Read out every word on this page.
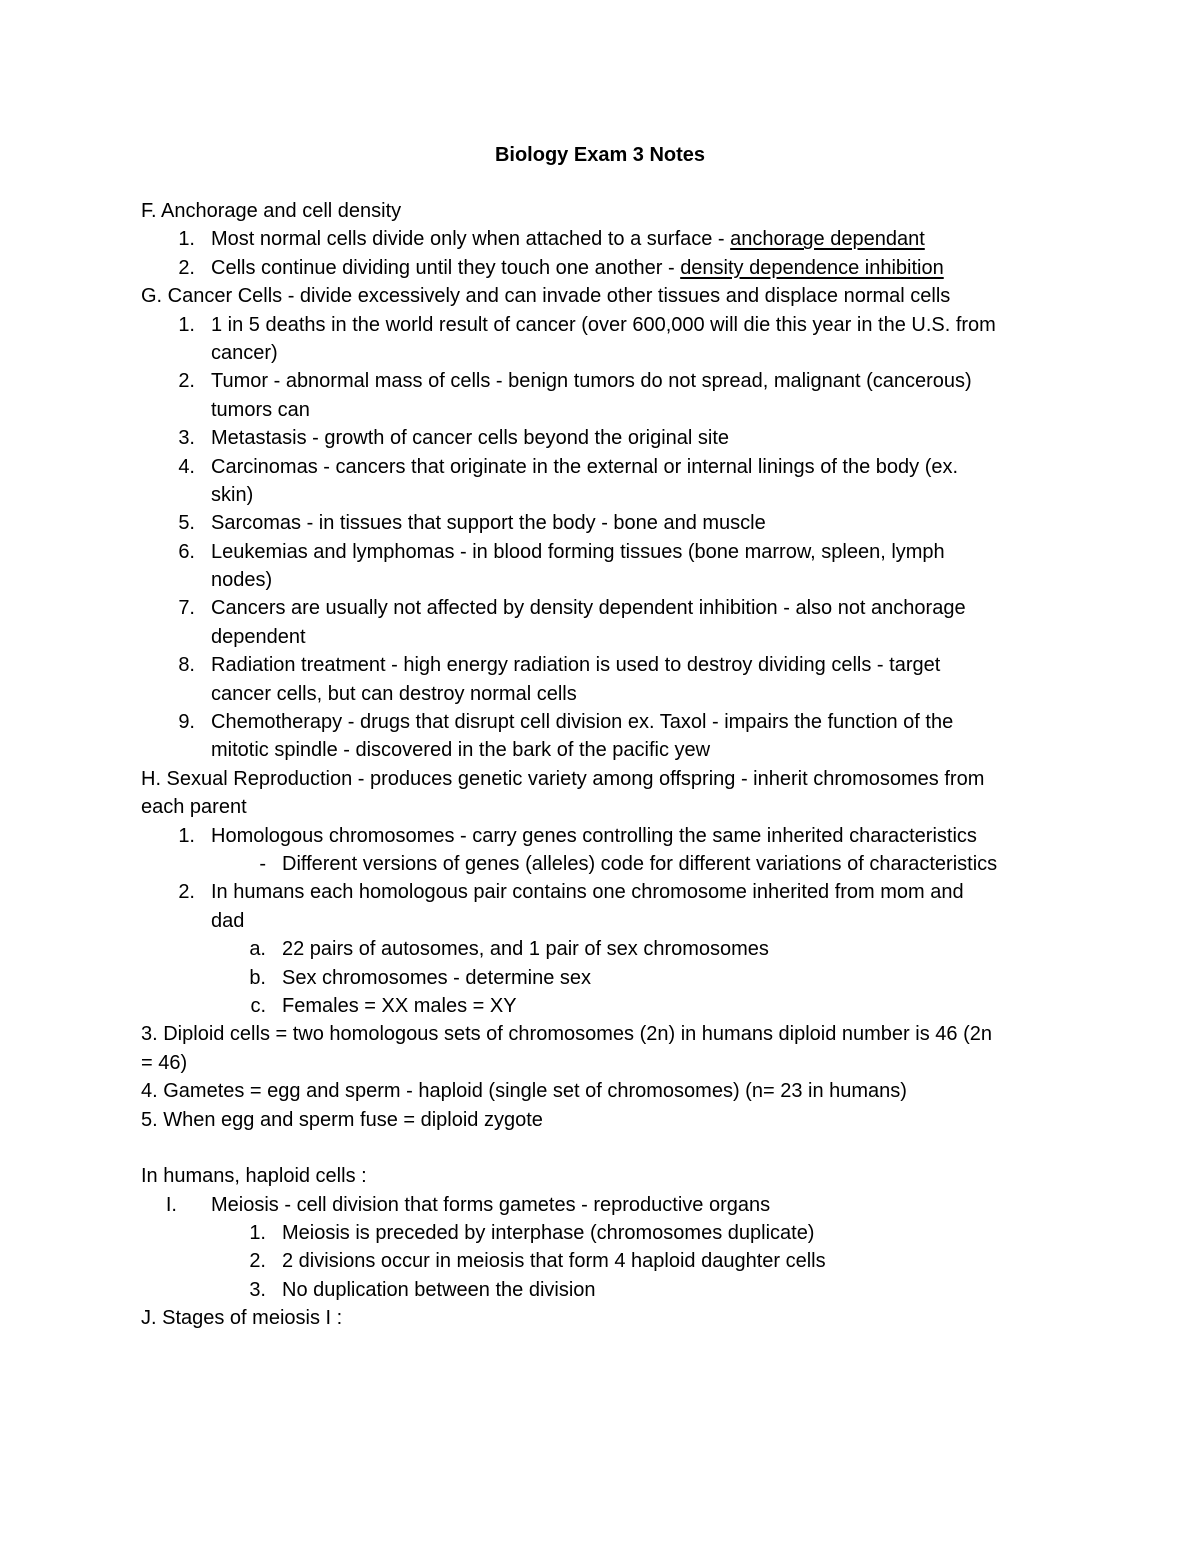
Biology Exam 3 Notes
F. Anchorage and cell density
1. Most normal cells divide only when attached to a surface - anchorage dependant
2. Cells continue dividing until they touch one another - density dependence inhibition
G. Cancer Cells - divide excessively and can invade other tissues and displace normal cells
1. 1 in 5 deaths in the world result of cancer (over 600,000 will die this year in the U.S. from
cancer)
2. Tumor - abnormal mass of cells - benign tumors do not spread, malignant (cancerous)
tumors can
3. Metastasis - growth of cancer cells beyond the original site
4. Carcinomas - cancers that originate in the external or internal linings of the body (ex.
skin)
5. Sarcomas - in tissues that support the body - bone and muscle
6. Leukemias and lymphomas - in blood forming tissues (bone marrow, spleen, lymph
nodes)
7. Cancers are usually not affected by density dependent inhibition - also not anchorage
dependent
8. Radiation treatment - high energy radiation is used to destroy dividing cells - target
cancer cells, but can destroy normal cells
9. Chemotherapy - drugs that disrupt cell division ex. Taxol - impairs the function of the
mitotic spindle - discovered in the bark of the pacific yew
H. Sexual Reproduction - produces genetic variety among offspring - inherit chromosomes from
each parent
1. Homologous chromosomes - carry genes controlling the same inherited characteristics
- Different versions of genes (alleles) code for different variations of characteristics
2. In humans each homologous pair contains one chromosome inherited from mom and
dad
a. 22 pairs of autosomes, and 1 pair of sex chromosomes
b. Sex chromosomes - determine sex
c. Females = XX males = XY
3. Diploid cells = two homologous sets of chromosomes (2n) in humans diploid number is 46 (2n
= 46)
4. Gametes = egg and sperm - haploid (single set of chromosomes) (n= 23 in humans)
5. When egg and sperm fuse = diploid zygote
In humans, haploid cells :
I. Meiosis - cell division that forms gametes - reproductive organs
1. Meiosis is preceded by interphase (chromosomes duplicate)
2. 2 divisions occur in meiosis that form 4 haploid daughter cells
3. No duplication between the division
J. Stages of meiosis I :
